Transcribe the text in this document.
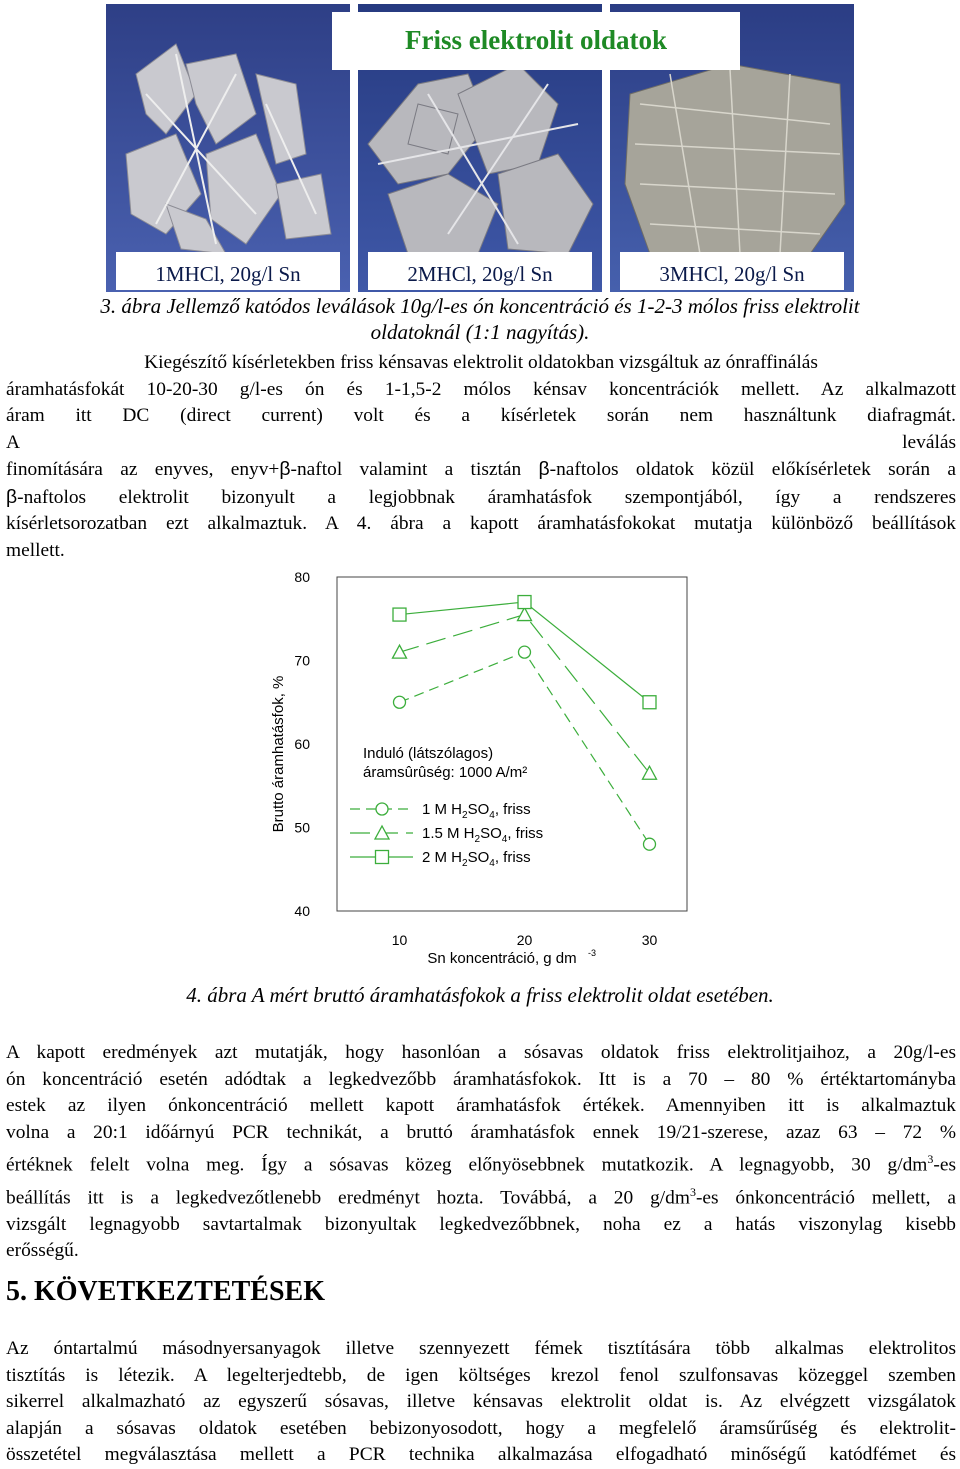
1MHCl, 20g/l Sn	2MHCl, 20g/l Sn	3MHCl, 20g/l Sn
Friss elektrolit oldatok
3. ábra Jellemző katódos leválások 10g/l-es ón koncentráció és 1-2-3 mólos friss elektrolit
oldatoknál (1:1 nagyítás).
Kiegészítő kísérletekben friss kénsavas elektrolit oldatokban vizsgáltuk az ónraffinálás
áramhatásfokát 10-20-30 g/l-es ón és 1-1,5-2 mólos kénsav koncentrációk mellett. Az alkalmazott
áram itt DC (direct current) volt és a kísérletek során nem használtunk diafragmát.
A leválás
finomítására az enyves, enyv+β-naftol valamint a tisztán β-naftolos oldatok közül előkísérletek során a
β-naftolos elektrolit bizonyult a legjobbnak áramhatásfok szempontjából, így a rendszeres
kísérletsorozatban ezt alkalmaztuk. A 4. ábra a kapott áramhatásfokokat mutatja különböző beállítások
mellett.
80
70
60
50
40
10	20	30
Sn koncentráció, g dm -3
Brutto áramhatásfok, %	Induló (látszólagos)
áramsûrûség: 1000 A/m²
1 M $H_2SO_4$, friss
1.5 M $H_2SO_4$, friss
2 M $H_2SO_4$, friss
4. ábra A mért bruttó áramhatásfokok a friss elektrolit oldat esetében.
A kapott eredmények azt mutatják, hogy hasonlóan a sósavas oldatok friss elektrolitjaihoz, a 20g/l-es
ón koncentráció esetén adódtak a legkedvezőbb áramhatásfokok. Itt is a 70 – 80 % értéktartományba
estek az ilyen ónkoncentráció mellett kapott áramhatásfok értékek. Amennyiben itt is alkalmaztuk
volna a 20:1 időárnyú PCR technikát, a bruttó áramhatásfok ennek 19/21-szerese, azaz 63 – 72 %
értéknek felelt volna meg. Így a sósavas közeg előnyösebbnek mutatkozik. A legnagyobb, 30 $g/dm^3-es$
beállítás itt is a legkedvezőtlenebb eredményt hozta. Továbbá, a 20 $g/dm^3-es$ ónkoncentráció mellett, a
vizsgált legnagyobb savtartalmak bizonyultak legkedvezőbbnek, noha ez a hatás viszonylag kisebb
erősségű.
5. KÖVETKEZTETÉSEK
Az óntartalmú másodnyersanyagok illetve szennyezett fémek tisztítására több alkalmas elektrolitos
tisztítás is létezik. A legelterjedtebb, de igen költséges krezol fenol szulfonsavas közeggel szemben
sikerrel alkalmazható az egyszerű sósavas, illetve kénsavas elektrolit oldat is. Az elvégzett vizsgálatok
alapján a sósavas oldatok esetében bebizonyosodott, hogy a megfelelő áramsűrűség és elektrolit-
összetétel megválasztása mellett a PCR technika alkalmazása elfogadható minőségű katódfémet és
